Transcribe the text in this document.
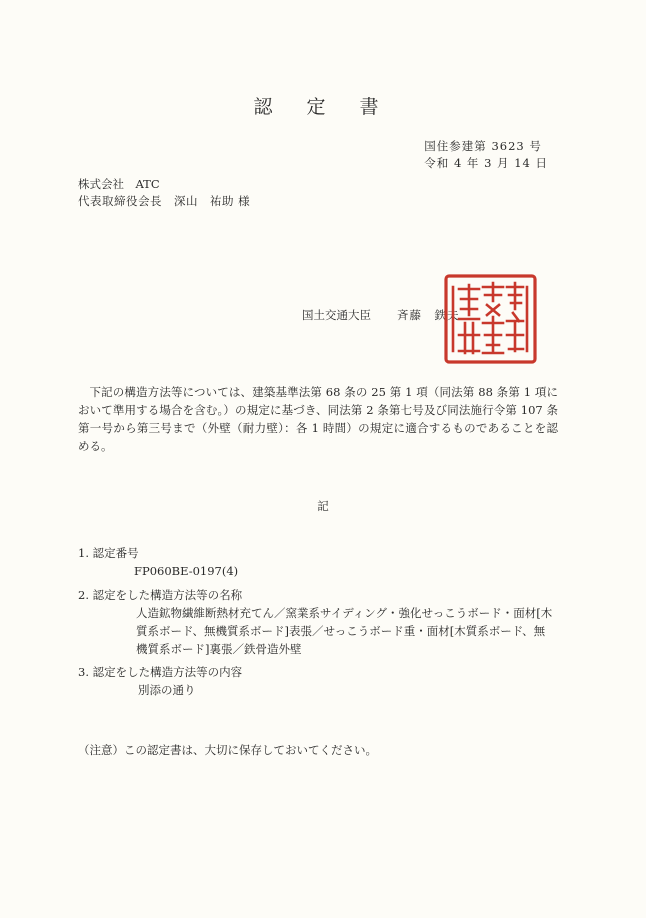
認 定 書
国住参建第 3623 号
令和 4 年 3 月 14 日
株式会社　ATC
代表取締役会長　深山　祐助 様
国土交通大臣 斉藤　鉄夫
下記の構造方法等については、建築基準法第 68 条の 25 第 1 項（同法第 88 条第 1 項において準用する場合を含む。）の規定に基づき、同法第 2 条第七号及び同法施行令第 107 条第一号から第三号まで（外壁（耐力壁）：各 1 時間）の規定に適合するものであることを認める。
記
1. 認定番号
FP060BE-0197(4)
2. 認定をした構造方法等の名称
人造鉱物繊維断熱材充てん／窯業系サイディング・強化せっこうボード・面材[木質系ボード、無機質系ボード]表張／せっこうボード重・面材[木質系ボード、無機質系ボード]裏張／鉄骨造外壁
3. 認定をした構造方法等の内容
別添の通り
（注意）この認定書は、大切に保存しておいてください。
